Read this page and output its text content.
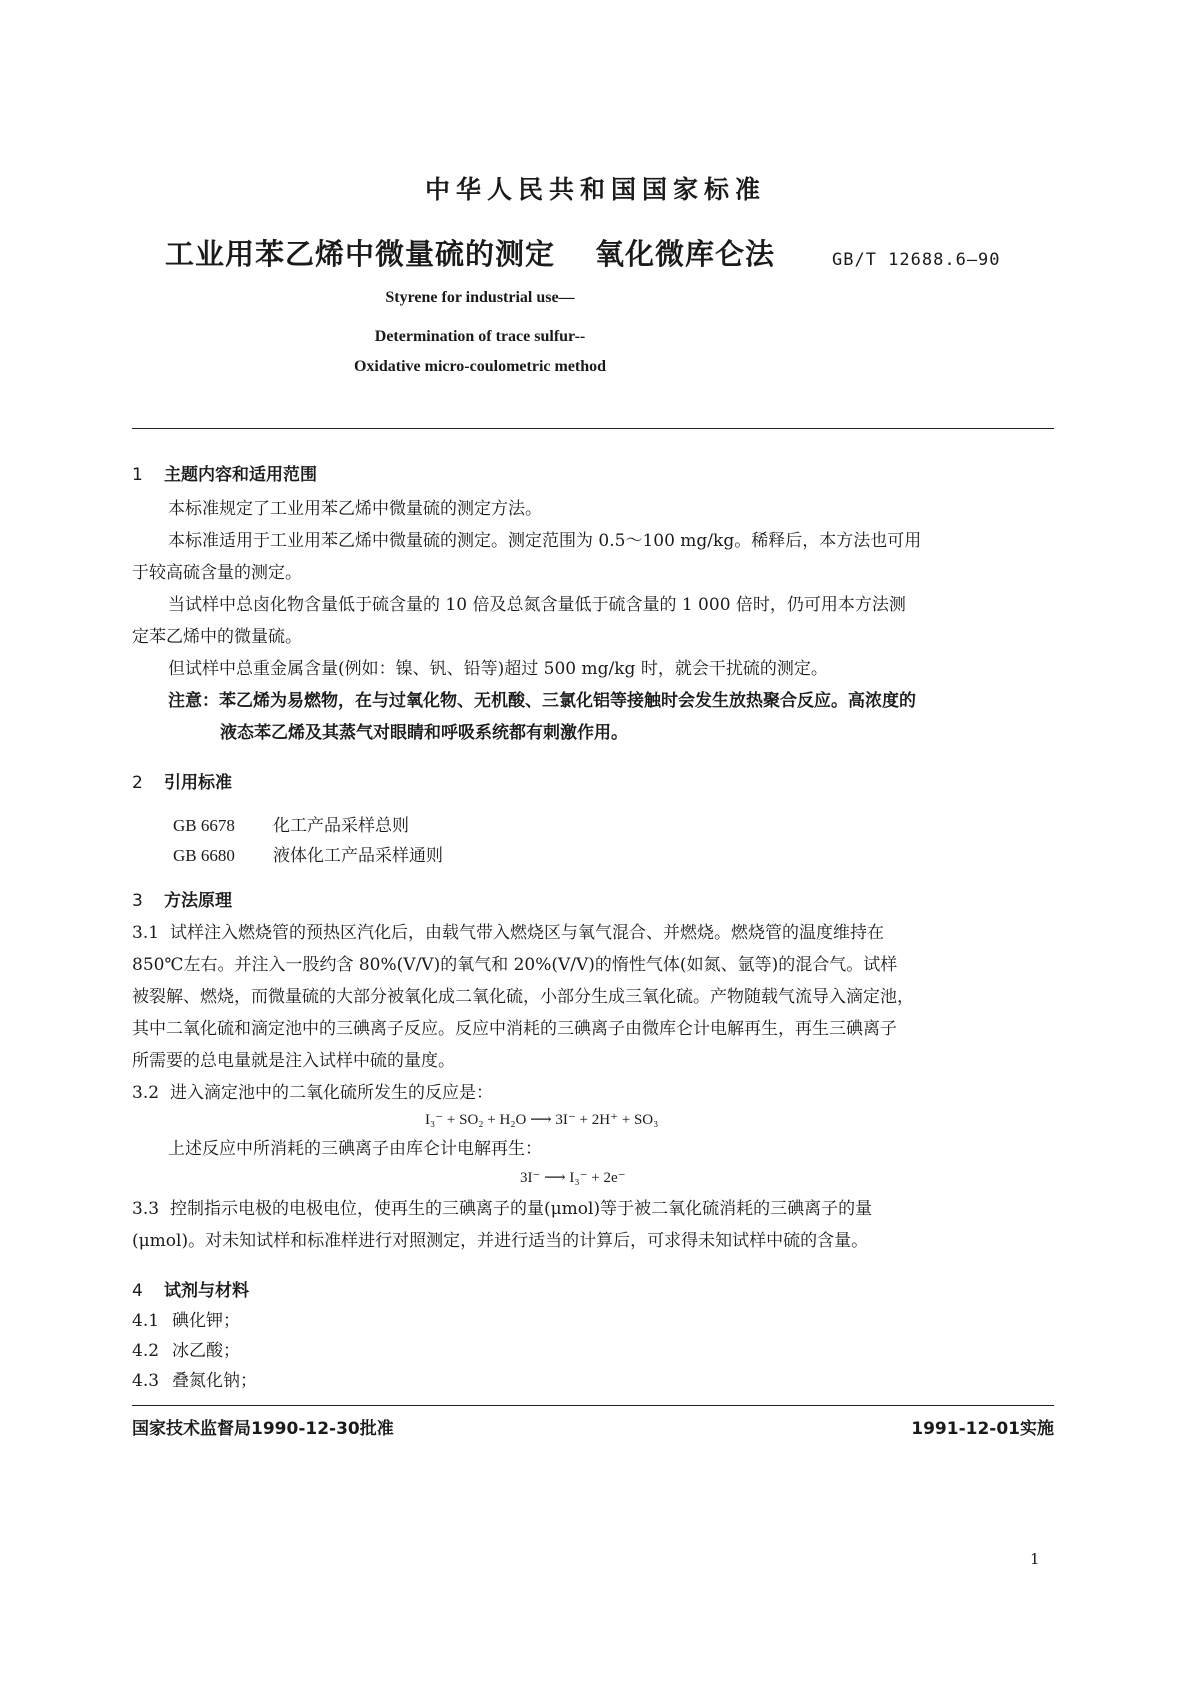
中华人民共和国国家标准
工业用苯乙烯中微量硫的测定 氧化微库仑法	GB/T 12688.6—90
Styrene for industrial use—
Determination of trace sulfur--
Oxidative micro-coulometric method
1 主题内容和适用范围
本标准规定了工业用苯乙烯中微量硫的测定方法。
本标准适用于工业用苯乙烯中微量硫的测定。测定范围为 0.5～100 mg/kg。稀释后，本方法也可用
于较高硫含量的测定。
当试样中总卤化物含量低于硫含量的 10 倍及总氮含量低于硫含量的 1 000 倍时，仍可用本方法测
定苯乙烯中的微量硫。
但试样中总重金属含量(例如：镍、钒、铅等)超过 500 mg/kg 时，就会干扰硫的测定。
注意：苯乙烯为易燃物，在与过氧化物、无机酸、三氯化铝等接触时会发生放热聚合反应。高浓度的
液态苯乙烯及其蒸气对眼睛和呼吸系统都有刺激作用。
2 引用标准
GB 6678 化工产品采样总则
GB 6680 液体化工产品采样通则
3 方法原理
3.1 试样注入燃烧管的预热区汽化后，由载气带入燃烧区与氧气混合、并燃烧。燃烧管的温度维持在
850℃左右。并注入一股约含 80%(V/V)的氧气和 20%(V/V)的惰性气体(如氮、氩等)的混合气。试样
被裂解、燃烧，而微量硫的大部分被氧化成二氧化硫，小部分生成三氧化硫。产物随载气流导入滴定池，
其中二氧化硫和滴定池中的三碘离子反应。反应中消耗的三碘离子由微库仑计电解再生，再生三碘离子
所需要的总电量就是注入试样中硫的量度。
3.2 进入滴定池中的二氧化硫所发生的反应是：
I₃⁻ + SO₂ + H₂O ⟶ 3I⁻ + 2H⁺ + SO₃
上述反应中所消耗的三碘离子由库仑计电解再生：
3I⁻ ⟶ I₃⁻ + 2e⁻
3.3 控制指示电极的电极电位，使再生的三碘离子的量(μmol)等于被二氧化硫消耗的三碘离子的量
(μmol)。对未知试样和标准样进行对照测定，并进行适当的计算后，可求得未知试样中硫的含量。
4 试剂与材料
4.1 碘化钾；
4.2 冰乙酸；
4.3 叠氮化钠；
国家技术监督局1990-12-30批准	1991-12-01实施
1
